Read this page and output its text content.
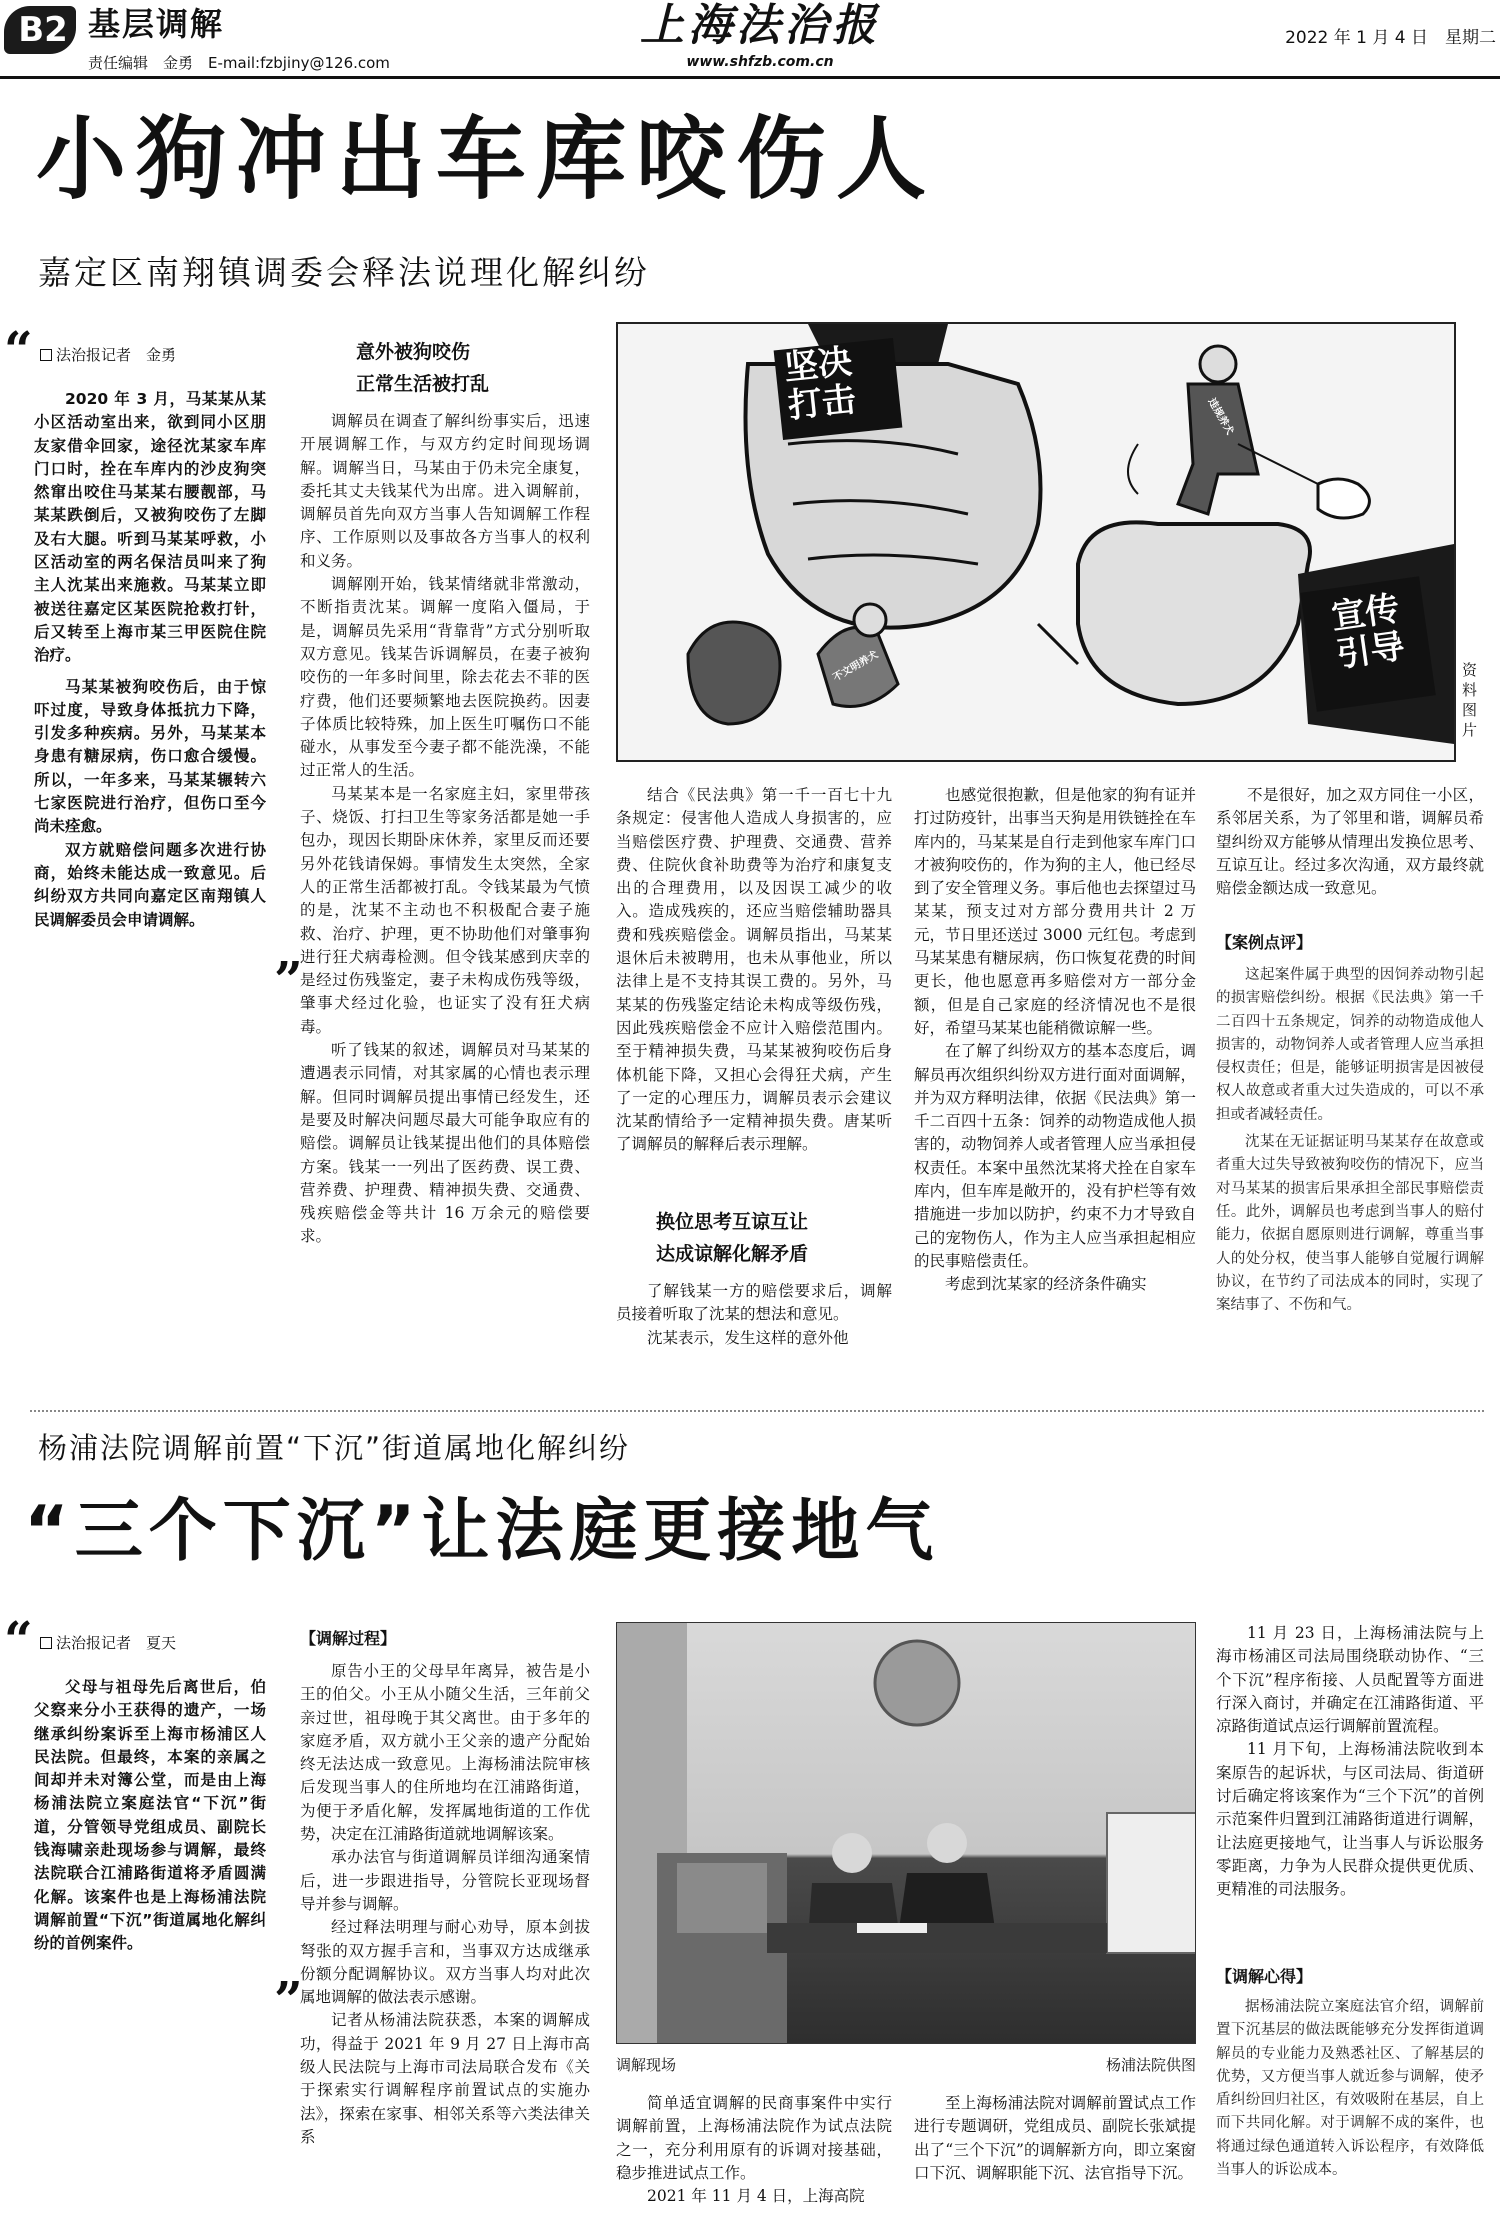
B2 基层调解
责任编辑　金勇　E-mail:fzbjiny@126.com
上海法治报
www.shfzb.com.cn
2022 年 1 月 4 日　星期二
小狗冲出车库咬伤人
嘉定区南翔镇调委会释法说理化解纠纷
“	法治报记者　金勇

2020 年 3 月，马某某从某小区活动室出来，欲到同小区朋友家借伞回家，途径沈某家车库门口时，拴在车库内的沙皮狗突然窜出咬住马某某右腰靓部，马某某跌倒后，又被狗咬伤了左脚及右大腿。听到马某某呼救，小区活动室的两名保洁员叫来了狗主人沈某出来施救。马某某立即被送往嘉定区某医院抢救打针，后又转至上海市某三甲医院住院治疗。

马某某被狗咬伤后，由于惊吓过度，导致身体抵抗力下降，引发多种疾病。另外，马某某本身患有糖尿病，伤口愈合缓慢。所以，一年多来，马某某辗转六七家医院进行治疗，但伤口至今尚未痊愈。

双方就赔偿问题多次进行协商，始终未能达成一致意见。后纠纷双方共同向嘉定区南翔镇人民调解委员会申请调解。

”
意外被狗咬伤
正常生活被打乱

调解员在调查了解纠纷事实后，迅速开展调解工作，与双方约定时间现场调解。调解当日，马某由于仍未完全康复，委托其丈夫钱某代为出席。进入调解前，调解员首先向双方当事人告知调解工作程序、工作原则以及事故各方当事人的权利和义务。

调解刚开始，钱某情绪就非常激动，不断指责沈某。调解一度陷入僵局，于是，调解员先采用“背靠背”方式分别听取双方意见。钱某告诉调解员，在妻子被狗咬伤的一年多时间里，除去花去不菲的医疗费，他们还要频繁地去医院换药。因妻子体质比较特殊，加上医生叮嘱伤口不能碰水，从事发至今妻子都不能洗澡，不能过正常人的生活。

马某某本是一名家庭主妇，家里带孩子、烧饭、打扫卫生等家务活都是她一手包办，现因长期卧床休养，家里反而还要另外花钱请保姆。事情发生太突然，全家人的正常生活都被打乱。令钱某最为气愤的是，沈某不主动也不积极配合妻子施救、治疗、护理，更不协助他们对肇事狗进行狂犬病毒检测。但令钱某感到庆幸的是经过伤残鉴定，妻子未构成伤残等级，肇事犬经过化验，也证实了没有狂犬病毒。

听了钱某的叙述，调解员对马某某的遭遇表示同情，对其家属的心情也表示理解。但同时调解员提出事情已经发生，还是要及时解决问题尽最大可能争取应有的赔偿。调解员让钱某提出他们的具体赔偿方案。钱某一一列出了医药费、误工费、营养费、护理费、精神损失费、交通费、残疾赔偿金等共计 16 万余元的赔偿要求。

坚决打击
宣传引导
违规养犬
不文明养犬	资料图片

结合《民法典》第一千一百七十九条规定：侵害他人造成人身损害的，应当赔偿医疗费、护理费、交通费、营养费、住院伙食补助费等为治疗和康复支出的合理费用，以及因误工减少的收入。造成残疾的，还应当赔偿辅助器具费和残疾赔偿金。调解员指出，马某某退休后未被聘用，也未从事他业，所以法律上是不支持其误工费的。另外，马某某的伤残鉴定结论未构成等级伤残，因此残疾赔偿金不应计入赔偿范围内。至于精神损失费，马某某被狗咬伤后身体机能下降，又担心会得狂犬病，产生了一定的心理压力，调解员表示会建议沈某酌情给予一定精神损失费。唐某听了调解员的解释后表示理解。

换位思考互谅互让
达成谅解化解矛盾

了解钱某一方的赔偿要求后，调解员接着听取了沈某的想法和意见。

沈某表示，发生这样的意外他

也感觉很抱歉，但是他家的狗有证并打过防疫针，出事当天狗是用铁链拴在车库内的，马某某是自行走到他家车库门口才被狗咬伤的，作为狗的主人，他已经尽到了安全管理义务。事后他也去探望过马某某，预支过对方部分费用共计 2 万元，节日里还送过 3000 元红包。考虑到马某某患有糖尿病，伤口恢复花费的时间更长，他也愿意再多赔偿对方一部分金额，但是自己家庭的经济情况也不是很好，希望马某某也能稍微谅解一些。

在了解了纠纷双方的基本态度后，调解员再次组织纠纷双方进行面对面调解，并为双方释明法律，依据《民法典》第一千二百四十五条：饲养的动物造成他人损害的，动物饲养人或者管理人应当承担侵权责任。本案中虽然沈某将犬拴在自家车库内，但车库是敞开的，没有护栏等有效措施进一步加以防护，约束不力才导致自己的宠物伤人，作为主人应当承担起相应的民事赔偿责任。

考虑到沈某家的经济条件确实

不是很好，加之双方同住一小区，系邻居关系，为了邻里和谐，调解员希望纠纷双方能够从情理出发换位思考、互谅互让。经过多次沟通，双方最终就赔偿金额达成一致意见。

【案例点评】

这起案件属于典型的因饲养动物引起的损害赔偿纠纷。根据《民法典》第一千二百四十五条规定，饲养的动物造成他人损害的，动物饲养人或者管理人应当承担侵权责任；但是，能够证明损害是因被侵权人故意或者重大过失造成的，可以不承担或者减轻责任。

沈某在无证据证明马某某存在故意或者重大过失导致被狗咬伤的情况下，应当对马某某的损害后果承担全部民事赔偿责任。此外，调解员也考虑到当事人的赔付能力，依据自愿原则进行调解，尊重当事人的处分权，使当事人能够自觉履行调解协议，在节约了司法成本的同时，实现了案结事了、不伤和气。

杨浦法院调解前置“下沉”街道属地化解纠纷
“三个下沉”让法庭更接地气
“	法治报记者　夏天

父母与祖母先后离世后，伯父察来分小王获得的遗产，一场继承纠纷案诉至上海市杨浦区人民法院。但最终，本案的亲属之间却并未对簿公堂，而是由上海杨浦法院立案庭法官“下沉”街道，分管领导党组成员、副院长钱海啸亲赴现场参与调解，最终法院联合江浦路街道将矛盾圆满化解。该案件也是上海杨浦法院调解前置“下沉”街道属地化解纠纷的首例案件。

”
【调解过程】

原告小王的父母早年离异，被告是小王的伯父。小王从小随父生活，三年前父亲过世，祖母晚于其父离世。由于多年的家庭矛盾，双方就小王父亲的遗产分配始终无法达成一致意见。上海杨浦法院审核后发现当事人的住所地均在江浦路街道，为便于矛盾化解，发挥属地街道的工作优势，决定在江浦路街道就地调解该案。

承办法官与街道调解员详细沟通案情后，进一步跟进指导，分管院长亚现场督导并参与调解。

经过释法明理与耐心劝导，原本剑拔弩张的双方握手言和，当事双方达成继承份额分配调解协议。双方当事人均对此次属地调解的做法表示感谢。

记者从杨浦法院获悉，本案的调解成功，得益于 2021 年 9 月 27 日上海市高级人民法院与上海市司法局联合发布《关于探索实行调解程序前置试点的实施办法》，探索在家事、相邻关系等六类法律关系

调解现场	杨浦法院供图

简单适宜调解的民商事案件中实行调解前置，上海杨浦法院作为试点法院之一，充分利用原有的诉调对接基础，稳步推进试点工作。

2021 年 11 月 4 日，上海高院

至上海杨浦法院对调解前置试点工作进行专题调研，党组成员、副院长张斌提出了“三个下沉”的调解新方向，即立案窗口下沉、调解职能下沉、法官指导下沉。

11 月 23 日，上海杨浦法院与上海市杨浦区司法局围绕联动协作、“三个下沉”程序衔接、人员配置等方面进行深入商讨，并确定在江浦路街道、平凉路街道试点运行调解前置流程。

11 月下旬，上海杨浦法院收到本案原告的起诉状，与区司法局、街道研讨后确定将该案作为“三个下沉”的首例示范案件归置到江浦路街道进行调解，让法庭更接地气，让当事人与诉讼服务零距离，力争为人民群众提供更优质、更精准的司法服务。

【调解心得】

据杨浦法院立案庭法官介绍，调解前置下沉基层的做法既能够充分发挥街道调解员的专业能力及熟悉社区、了解基层的优势，又方便当事人就近参与调解，使矛盾纠纷回归社区，有效吸附在基层，自上而下共同化解。对于调解不成的案件，也将通过绿色通道转入诉讼程序，有效降低当事人的诉讼成本。
